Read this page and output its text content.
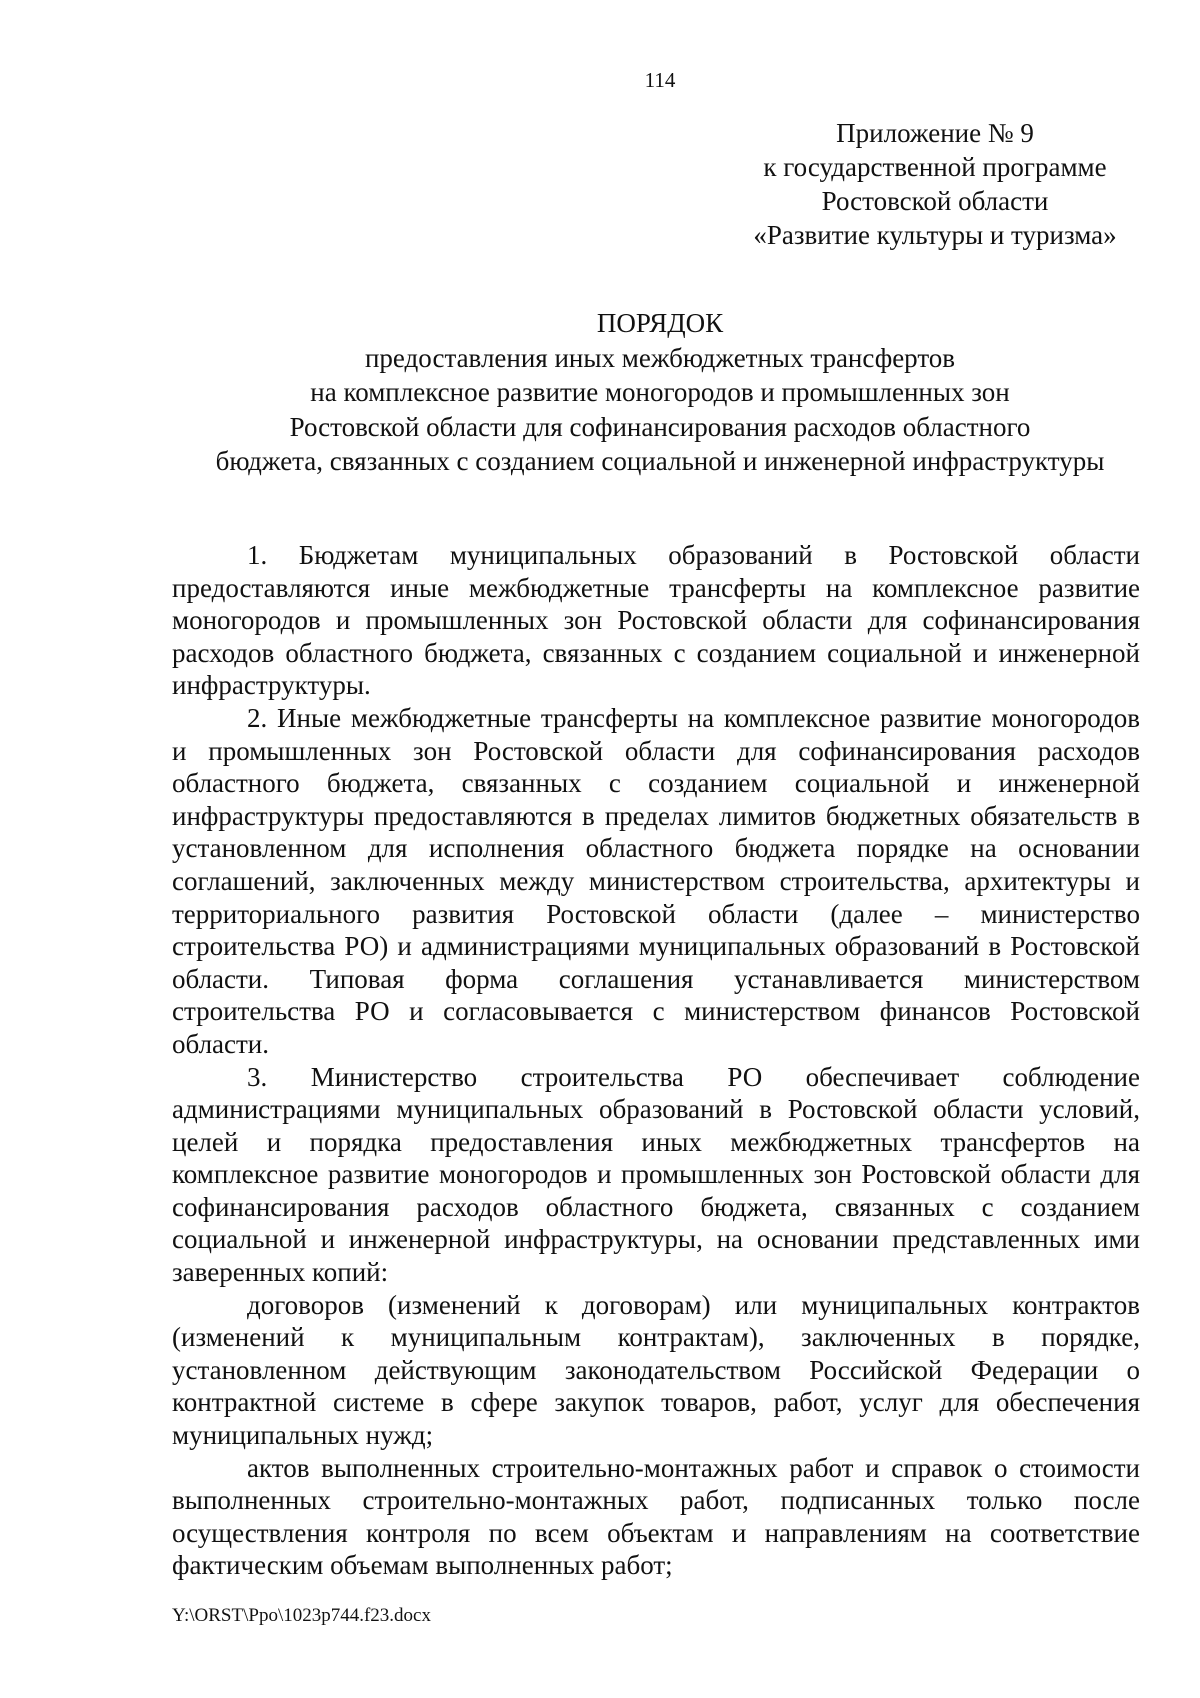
114
Приложение № 9
к государственной программе
Ростовской области
«Развитие культуры и туризма»
ПОРЯДОК
предоставления иных межбюджетных трансфертов
на комплексное развитие моногородов и промышленных зон
Ростовской области для софинансирования расходов областного
бюджета, связанных с созданием социальной и инженерной инфраструктуры

1. Бюджетам муниципальных образований в Ростовской области предоставляются иные межбюджетные трансферты на комплексное развитие моногородов и промышленных зон Ростовской области для софинансирования расходов областного бюджета, связанных с созданием социальной и инженерной инфраструктуры.

2. Иные межбюджетные трансферты на комплексное развитие моногородов и промышленных зон Ростовской области для софинансирования расходов областного бюджета, связанных с созданием социальной и инженерной инфраструктуры предоставляются в пределах лимитов бюджетных обязательств в установленном для исполнения областного бюджета порядке на основании соглашений, заключенных между министерством строительства, архитектуры и территориального развития Ростовской области (далее – министерство строительства РО) и администрациями муниципальных образований в Ростовской области. Типовая форма соглашения устанавливается министерством строительства РО и согласовывается с министерством финансов Ростовской области.

3. Министерство строительства РО обеспечивает соблюдение администрациями муниципальных образований в Ростовской области условий, целей и порядка предоставления иных межбюджетных трансфертов на комплексное развитие моногородов и промышленных зон Ростовской области для софинансирования расходов областного бюджета, связанных с созданием социальной и инженерной инфраструктуры, на основании представленных ими заверенных копий:

договоров (изменений к договорам) или муниципальных контрактов (изменений к муниципальным контрактам), заключенных в порядке, установленном действующим законодательством Российской Федерации о контрактной системе в сфере закупок товаров, работ, услуг для обеспечения муниципальных нужд;

актов выполненных строительно-монтажных работ и справок о стоимости выполненных строительно-монтажных работ, подписанных только после осуществления контроля по всем объектам и направлениям на соответствие фактическим объемам выполненных работ;

Y:\ORST\Ppo\1023p744.f23.docx
